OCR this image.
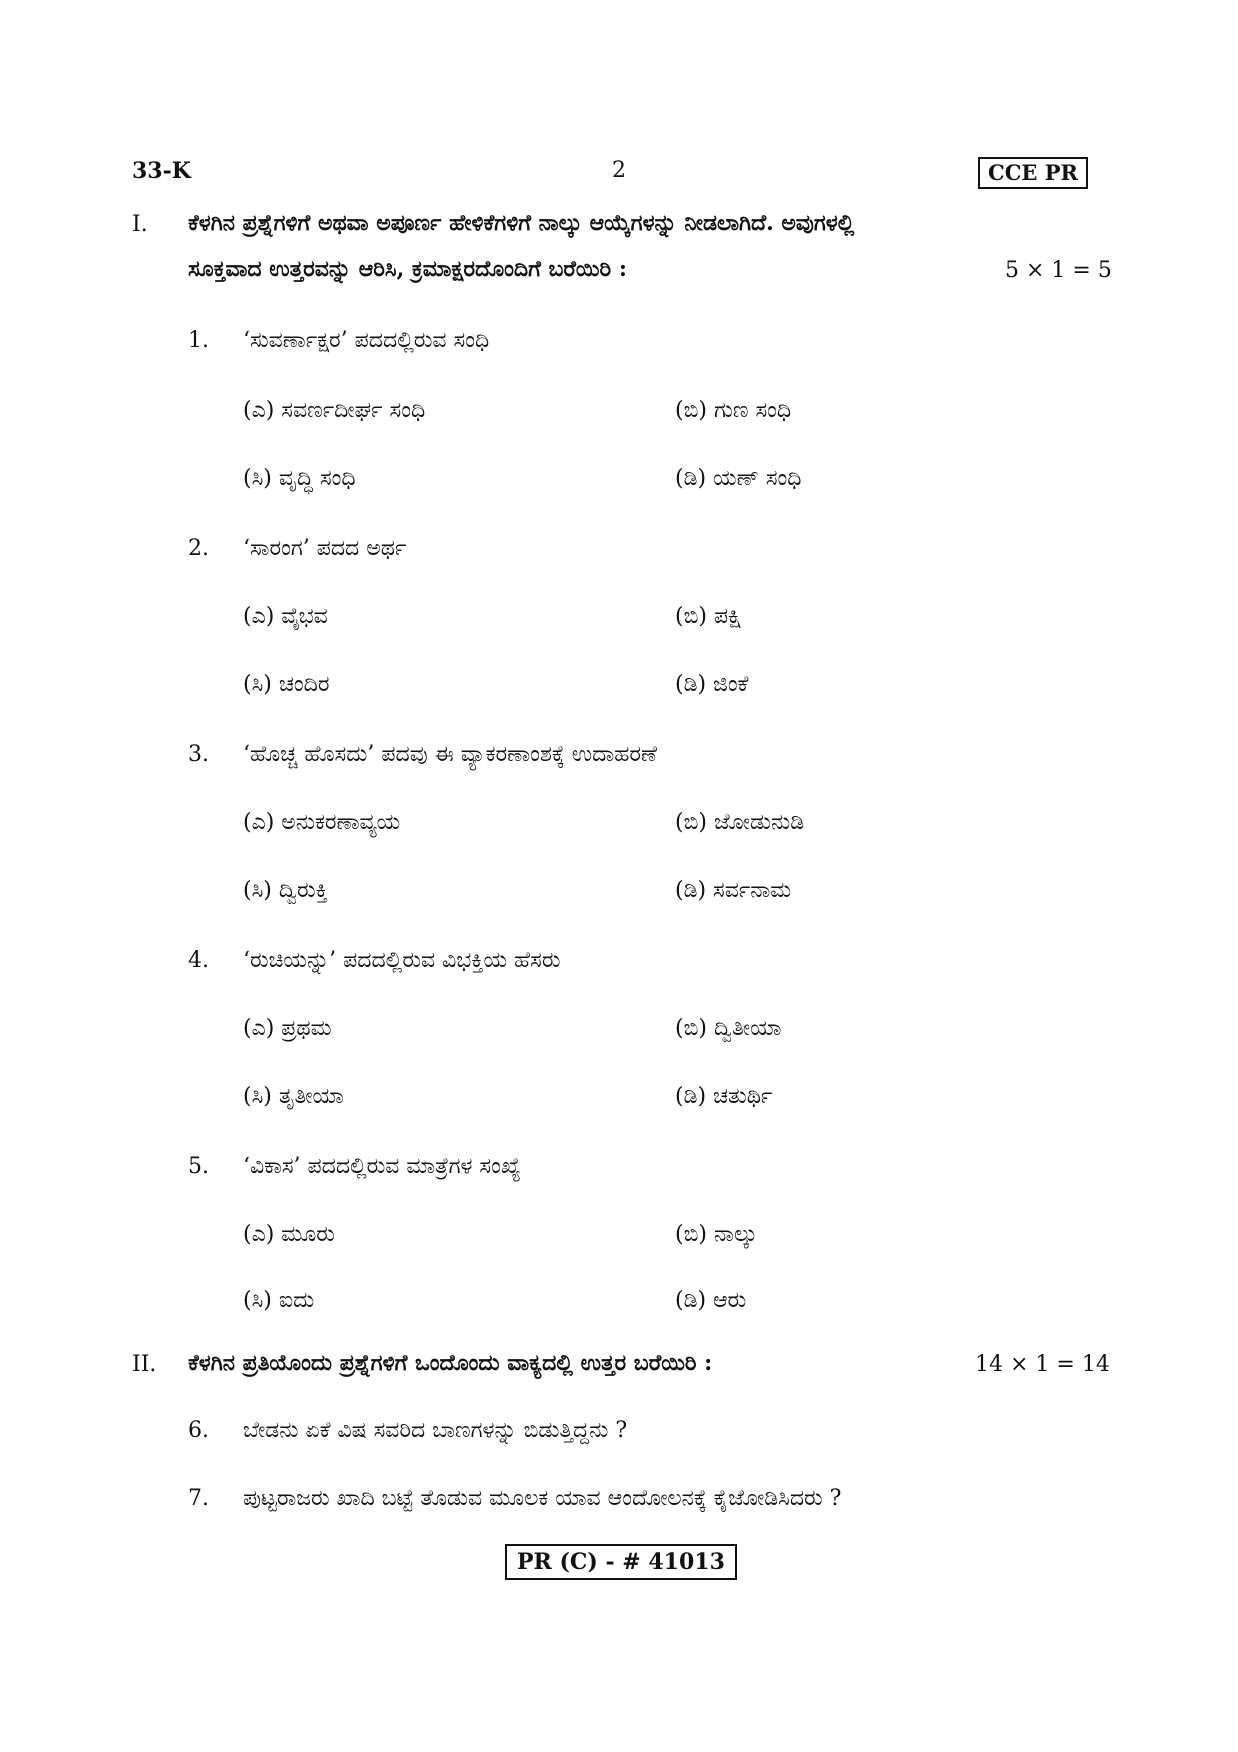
33-K	2	CCE PR
I. ಕೆಳಗಿನ ಪ್ರಶ್ನೆಗಳಿಗೆ ಅಥವಾ ಅಪೂರ್ಣ ಹೇಳಿಕೆಗಳಿಗೆ ನಾಲ್ಕು ಆಯ್ಕೆಗಳನ್ನು ನೀಡಲಾಗಿದೆ. ಅವುಗಳಲ್ಲಿ
ಸೂಕ್ತವಾದ ಉತ್ತರವನ್ನು ಆರಿಸಿ, ಕ್ರಮಾಕ್ಷರದೊಂದಿಗೆ ಬರೆಯಿರಿ :	5 × 1 = 5
1. ‘ಸುವರ್ಣಾಕ್ಷರ’ ಪದದಲ್ಲಿರುವ ಸಂಧಿ
(ಎ) ಸವರ್ಣದೀರ್ಘ ಸಂಧಿ	(ಬಿ) ಗುಣ ಸಂಧಿ
(ಸಿ) ವೃದ್ಧಿ ಸಂಧಿ	(ಡಿ) ಯಣ್ ಸಂಧಿ
2. ‘ಸಾರಂಗ’ ಪದದ ಅರ್ಥ
(ಎ) ವೈಭವ	(ಬಿ) ಪಕ್ಷಿ
(ಸಿ) ಚಂದಿರ	(ಡಿ) ಜಿಂಕೆ
3. ‘ಹೊಚ್ಚ ಹೊಸದು’ ಪದವು ಈ ವ್ಯಾಕರಣಾಂಶಕ್ಕೆ ಉದಾಹರಣೆ
(ಎ) ಅನುಕರಣಾವ್ಯಯ	(ಬಿ) ಜೋಡುನುಡಿ
(ಸಿ) ದ್ವಿರುಕ್ತಿ	(ಡಿ) ಸರ್ವನಾಮ
4. ‘ರುಚಿಯನ್ನು’ ಪದದಲ್ಲಿರುವ ವಿಭಕ್ತಿಯ ಹೆಸರು
(ಎ) ಪ್ರಥಮ	(ಬಿ) ದ್ವಿತೀಯಾ
(ಸಿ) ತೃತೀಯಾ	(ಡಿ) ಚತುರ್ಥಿ
5. ‘ವಿಕಾಸ’ ಪದದಲ್ಲಿರುವ ಮಾತ್ರೆಗಳ ಸಂಖ್ಯೆ
(ಎ) ಮೂರು	(ಬಿ) ನಾಲ್ಕು
(ಸಿ) ಐದು	(ಡಿ) ಆರು
II. ಕೆಳಗಿನ ಪ್ರತಿಯೊಂದು ಪ್ರಶ್ನೆಗಳಿಗೆ ಒಂದೊಂದು ವಾಕ್ಯದಲ್ಲಿ ಉತ್ತರ ಬರೆಯಿರಿ :	14 × 1 = 14
6. ಬೇಡನು ಏಕೆ ವಿಷ ಸವರಿದ ಬಾಣಗಳನ್ನು ಬಿಡುತ್ತಿದ್ದನು ?
7. ಪುಟ್ಟರಾಜರು ಖಾದಿ ಬಟ್ಟೆ ತೊಡುವ ಮೂಲಕ ಯಾವ ಆಂದೋಲನಕ್ಕೆ ಕೈಜೋಡಿಸಿದರು ?
PR (C) - # 41013
